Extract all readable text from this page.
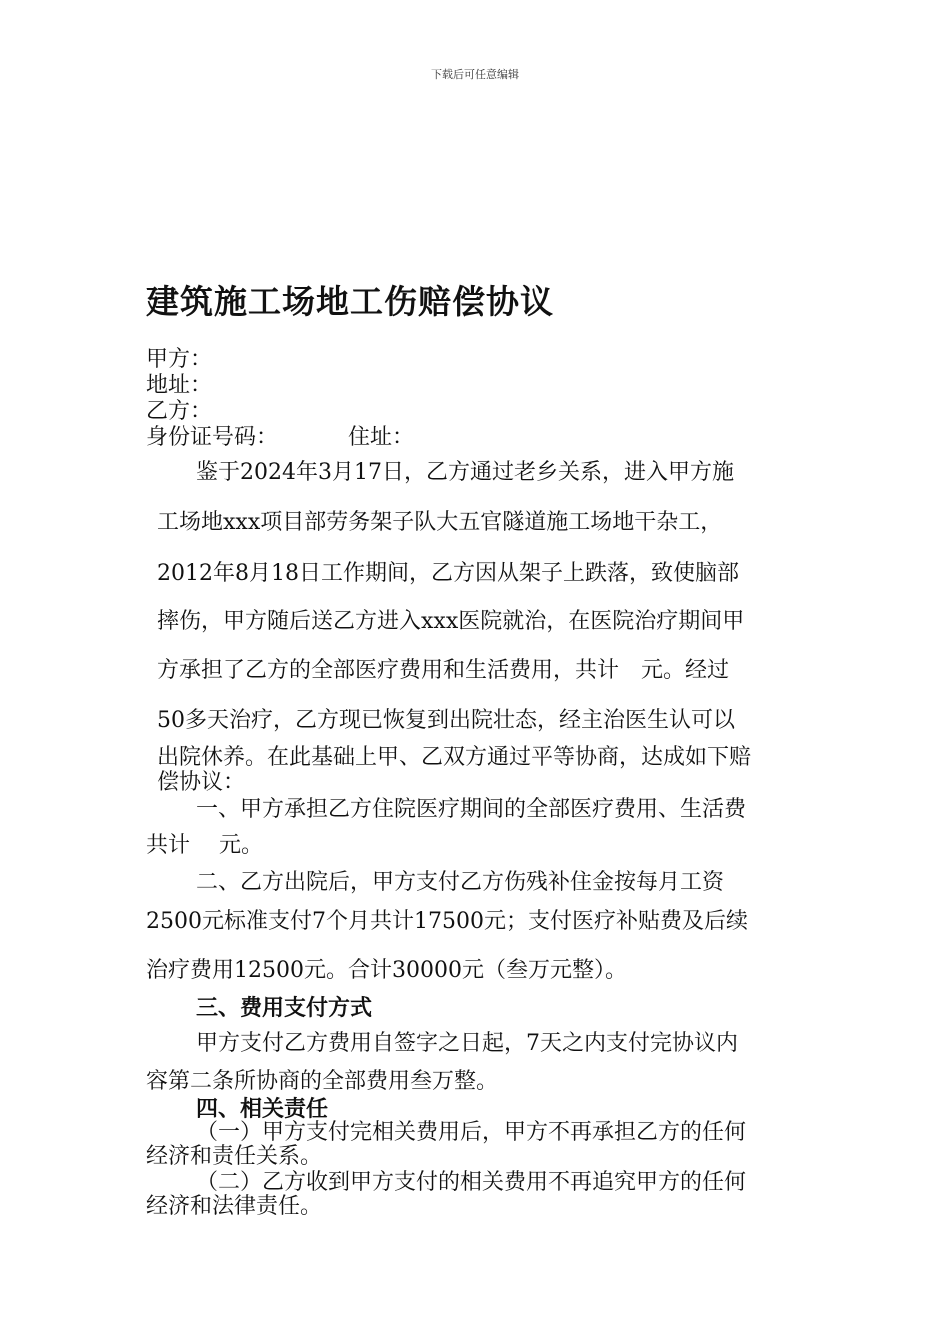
下载后可任意编辑
建筑施工场地工伤赔偿协议
甲方：
地址：
乙方：
身份证号码：	住址：
鉴于2024年3月17日，乙方通过老乡关系，进入甲方施
工场地xxx项目部劳务架子队大五官隧道施工场地干杂工，
2012年8月18日工作期间，乙方因从架子上跌落，致使脑部
摔伤，甲方随后送乙方进入xxx医院就治，在医院治疗期间甲
方承担了乙方的全部医疗费用和生活费用，共计　元。经过
50多天治疗，乙方现已恢复到出院壮态，经主治医生认可以
出院休养。在此基础上甲、乙双方通过平等协商，达成如下赔
偿协议：
一、甲方承担乙方住院医疗期间的全部医疗费用、生活费
共计　 元。
二、乙方出院后，甲方支付乙方伤残补住金按每月工资
2500元标准支付7个月共计17500元；支付医疗补贴费及后续
治疗费用12500元。合计30000元（叁万元整）。
三、费用支付方式
甲方支付乙方费用自签字之日起，7天之内支付完协议内
容第二条所协商的全部费用叁万整。
四、相关责任
（一）甲方支付完相关费用后，甲方不再承担乙方的任何
经济和责任关系。
（二）乙方收到甲方支付的相关费用不再追究甲方的任何
经济和法律责任。
